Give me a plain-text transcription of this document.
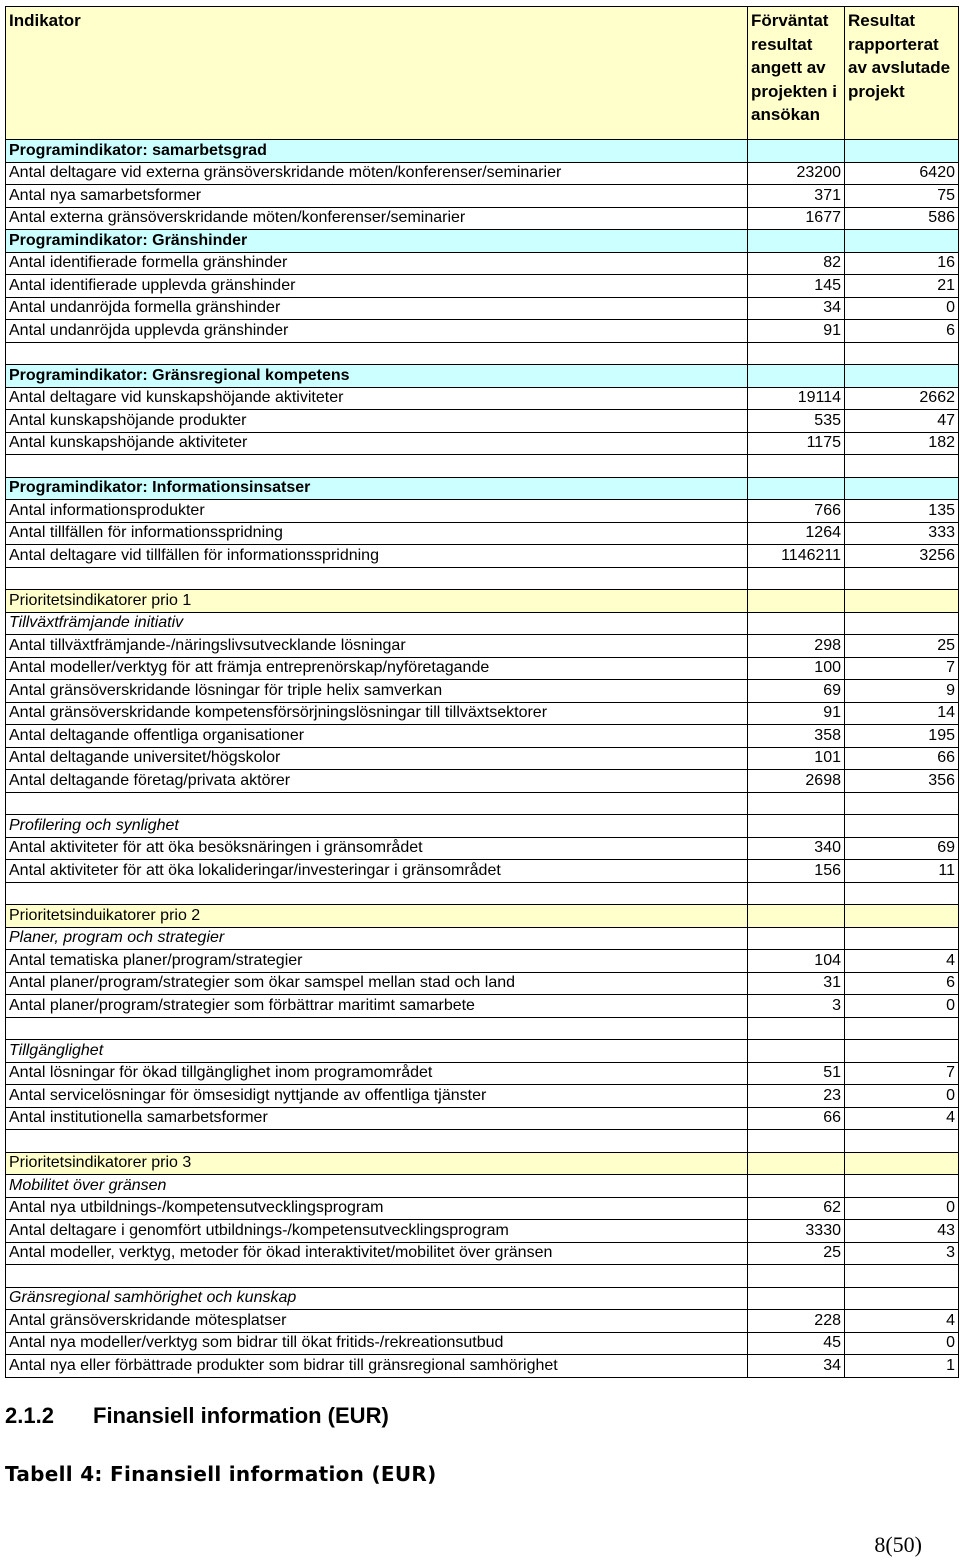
Indikator	Förväntat resultat angett av projekten i ansökan	Resultat rapporterat av avslutade projekt
Programindikator: samarbetsgrad		
Antal deltagare vid externa gränsöverskridande möten/konferenser/seminarier	23200	6420
Antal nya samarbetsformer	371	75
Antal externa gränsöverskridande möten/konferenser/seminarier	1677	586
Programindikator: Gränshinder		
Antal identifierade formella gränshinder	82	16
Antal identifierade upplevda gränshinder	145	21
Antal undanröjda formella gränshinder	34	0
Antal undanröjda upplevda gränshinder	91	6

Programindikator: Gränsregional kompetens		
Antal deltagare vid kunskapshöjande aktiviteter	19114	2662
Antal kunskapshöjande produkter	535	47
Antal kunskapshöjande aktiviteter	1175	182

Programindikator: Informationsinsatser		
Antal informationsprodukter	766	135
Antal tillfällen för informationsspridning	1264	333
Antal deltagare vid tillfällen för informationsspridning	1146211	3256

Prioritetsindikatorer prio 1		
Tillväxtfrämjande initiativ		
Antal tillväxtfrämjande-/näringslivsutvecklande lösningar	298	25
Antal modeller/verktyg för att främja entreprenörskap/nyföretagande	100	7
Antal gränsöverskridande lösningar för triple helix samverkan	69	9
Antal gränsöverskridande kompetensförsörjningslösningar till tillväxtsektorer	91	14
Antal deltagande offentliga organisationer	358	195
Antal deltagande universitet/högskolor	101	66
Antal deltagande företag/privata aktörer	2698	356

Profilering och synlighet		
Antal aktiviteter för att öka besöksnäringen i gränsområdet	340	69
Antal aktiviteter för att öka lokalideringar/investeringar i gränsområdet	156	11

Prioritetsinduikatorer prio 2		
Planer, program och strategier		
Antal tematiska planer/program/strategier	104	4
Antal planer/program/strategier som ökar samspel mellan stad och land	31	6
Antal planer/program/strategier som förbättrar maritimt samarbete	3	0

Tillgänglighet		
Antal lösningar för ökad tillgänglighet inom programområdet	51	7
Antal servicelösningar för ömsesidigt nyttjande av offentliga tjänster	23	0
Antal institutionella samarbetsformer	66	4

Prioritetsindikatorer prio 3		
Mobilitet över gränsen		
Antal nya utbildnings-/kompetensutvecklingsprogram	62	0
Antal deltagare i genomfört utbildnings-/kompetensutvecklingsprogram	3330	43
Antal modeller, verktyg, metoder för ökad interaktivitet/mobilitet över gränsen	25	3

Gränsregional samhörighet och kunskap		
Antal gränsöverskridande mötesplatser	228	4
Antal nya modeller/verktyg som bidrar till ökat fritids-/rekreationsutbud	45	0
Antal nya eller förbättrade produkter som bidrar till gränsregional samhörighet	34	1
2.1.2 Finansiell information (EUR)
Tabell 4: Finansiell information (EUR)
8(50)
